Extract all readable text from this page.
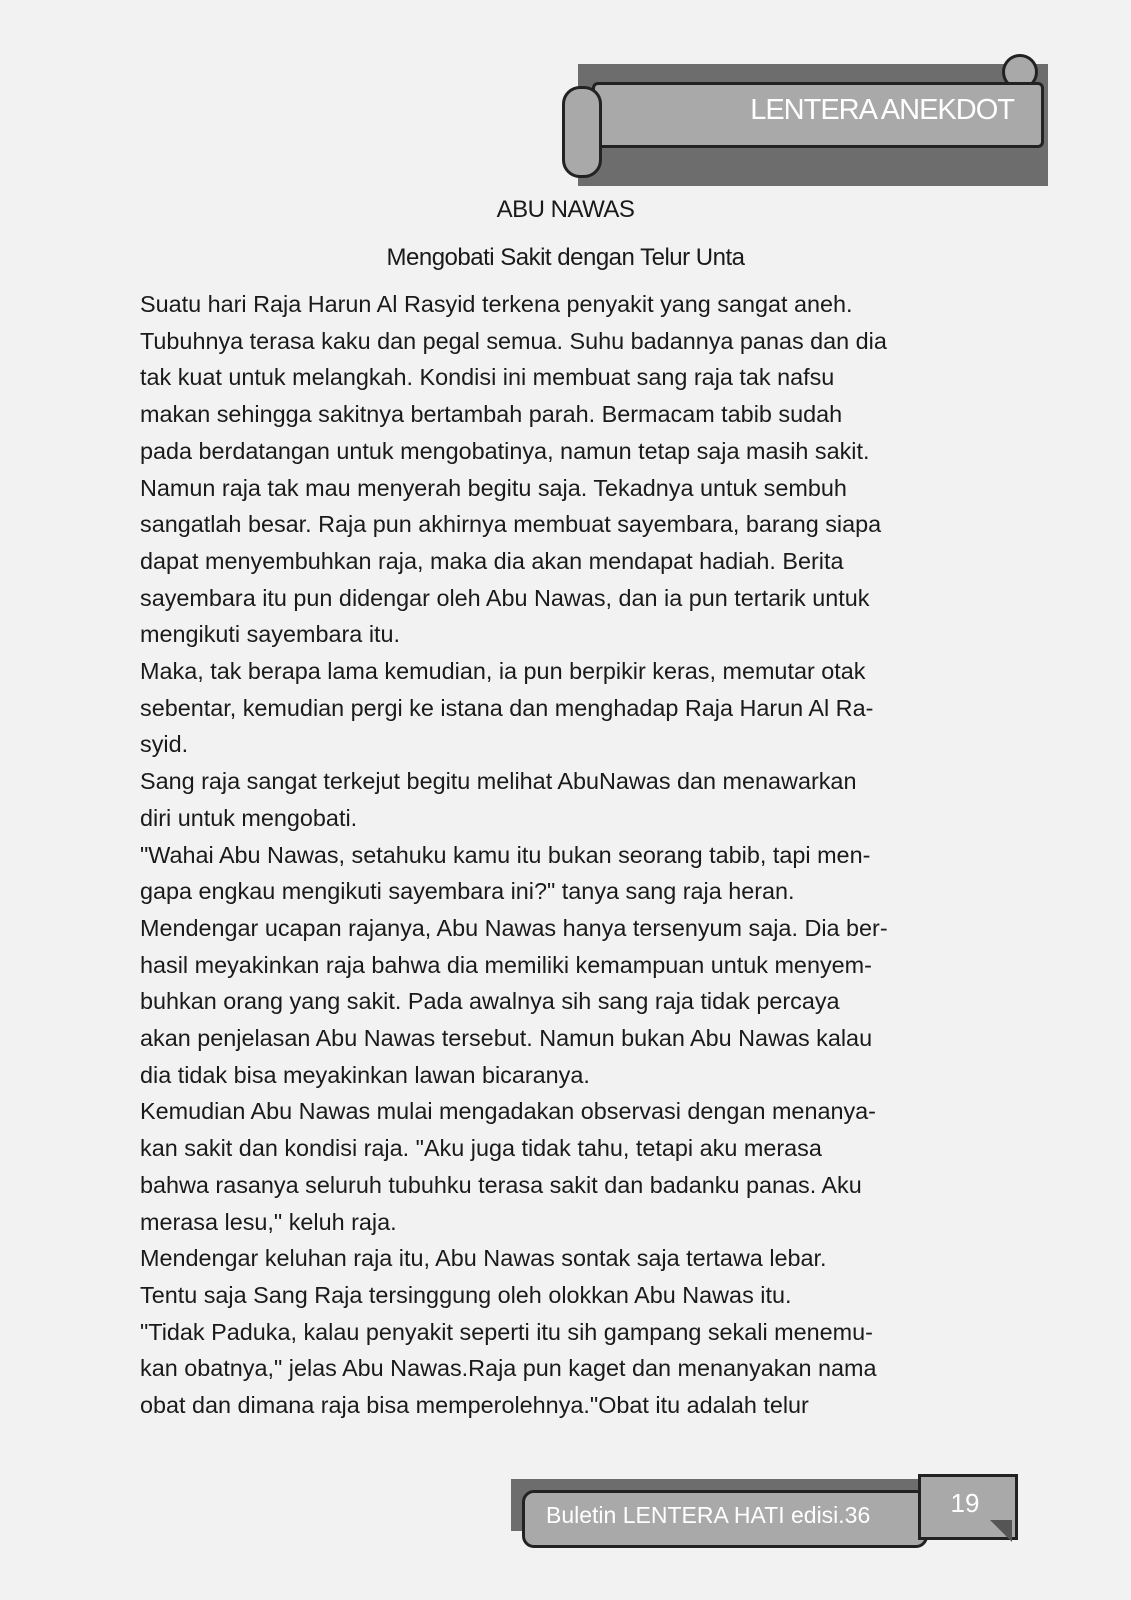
LENTERA ANEKDOT
ABU NAWAS
Mengobati Sakit dengan Telur Unta
Suatu hari Raja Harun Al Rasyid terkena penyakit yang sangat aneh.
Tubuhnya terasa kaku dan pegal semua. Suhu badannya panas dan dia
tak kuat untuk melangkah. Kondisi ini membuat sang raja tak nafsu
makan sehingga sakitnya bertambah parah. Bermacam tabib sudah
pada berdatangan untuk mengobatinya, namun tetap saja masih sakit.
Namun raja tak mau menyerah begitu saja. Tekadnya untuk sembuh
sangatlah besar. Raja pun akhirnya membuat sayembara, barang siapa
dapat menyembuhkan raja, maka dia akan mendapat hadiah. Berita
sayembara itu pun didengar oleh Abu Nawas, dan ia pun tertarik untuk
mengikuti sayembara itu.
Maka, tak berapa lama kemudian, ia pun berpikir keras, memutar otak
sebentar, kemudian pergi ke istana dan menghadap Raja Harun Al Ra-
syid.
Sang raja sangat terkejut begitu melihat AbuNawas dan menawarkan
diri untuk mengobati.
"Wahai Abu Nawas, setahuku kamu itu bukan seorang tabib, tapi men-
gapa engkau mengikuti sayembara ini?" tanya sang raja heran.
Mendengar ucapan rajanya, Abu Nawas hanya tersenyum saja. Dia ber-
hasil meyakinkan raja bahwa dia memiliki kemampuan untuk menyem-
buhkan orang yang sakit. Pada awalnya sih sang raja tidak percaya
akan penjelasan Abu Nawas tersebut. Namun bukan Abu Nawas kalau
dia tidak bisa meyakinkan lawan bicaranya.
Kemudian Abu Nawas mulai mengadakan observasi dengan menanya-
kan sakit dan kondisi raja. "Aku juga tidak tahu, tetapi aku merasa
bahwa rasanya seluruh tubuhku terasa sakit dan badanku panas. Aku
merasa lesu," keluh raja.
Mendengar keluhan raja itu, Abu Nawas sontak saja tertawa lebar.
Tentu saja Sang Raja tersinggung oleh olokkan Abu Nawas itu.
"Tidak Paduka, kalau penyakit seperti itu sih gampang sekali menemu-
kan obatnya," jelas Abu Nawas.Raja pun kaget dan menanyakan nama
obat dan dimana raja bisa memperolehnya."Obat itu adalah telur
Buletin LENTERA HATI edisi.36	19
